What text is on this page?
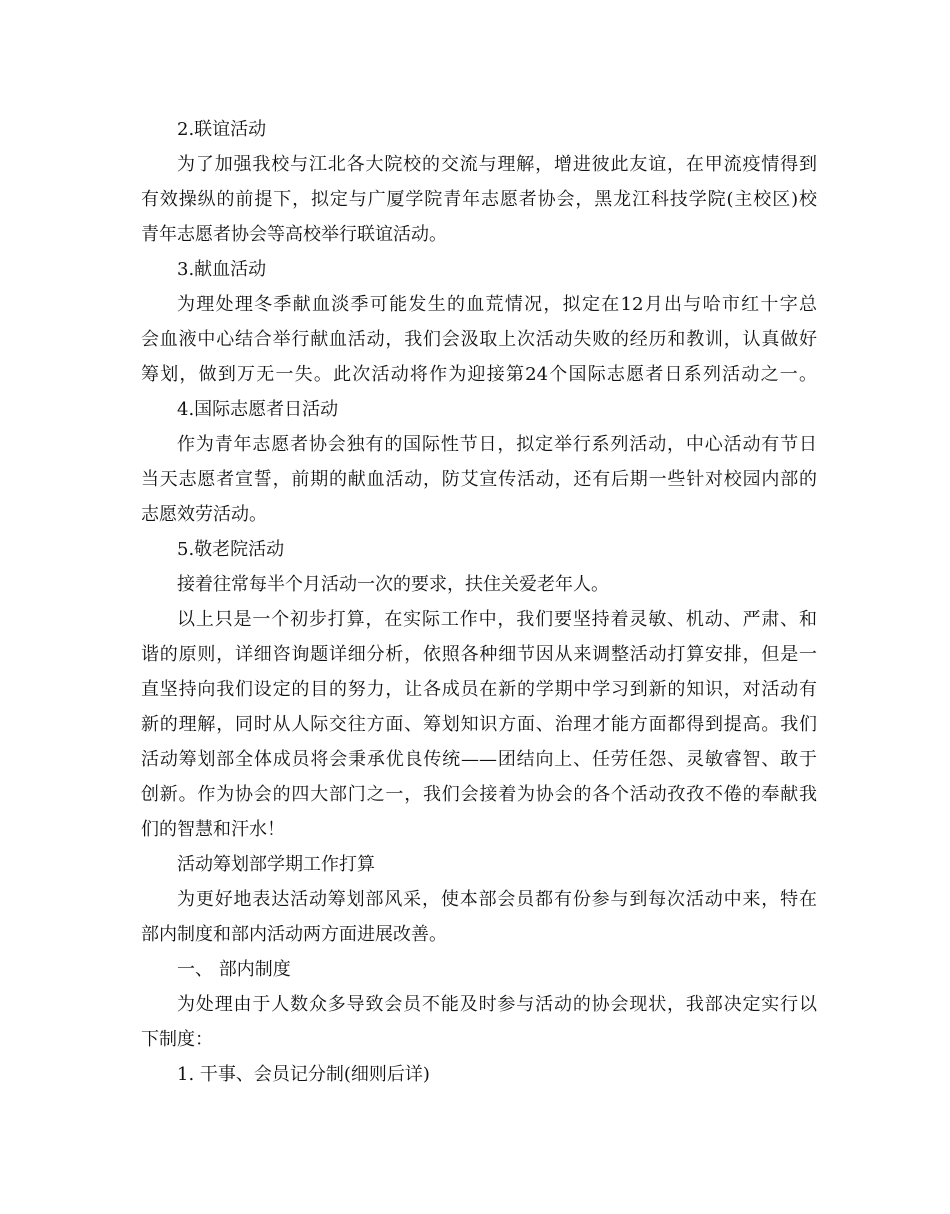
2.联谊活动
为了加强我校与江北各大院校的交流与理解，增进彼此友谊，在甲流疫情得到
有效操纵的前提下，拟定与广厦学院青年志愿者协会，黑龙江科技学院(主校区)校
青年志愿者协会等高校举行联谊活动。
3.献血活动
为理处理冬季献血淡季可能发生的血荒情况，拟定在12月出与哈市红十字总
会血液中心结合举行献血活动，我们会汲取上次活动失败的经历和教训，认真做好
筹划，做到万无一失。此次活动将作为迎接第24个国际志愿者日系列活动之一。
4.国际志愿者日活动
作为青年志愿者协会独有的国际性节日，拟定举行系列活动，中心活动有节日
当天志愿者宣誓，前期的献血活动，防艾宣传活动，还有后期一些针对校园内部的
志愿效劳活动。
5.敬老院活动
接着往常每半个月活动一次的要求，扶住关爱老年人。
以上只是一个初步打算，在实际工作中，我们要坚持着灵敏、机动、严肃、和
谐的原则，详细咨询题详细分析，依照各种细节因从来调整活动打算安排，但是一
直坚持向我们设定的目的努力，让各成员在新的学期中学习到新的知识，对活动有
新的理解，同时从人际交往方面、筹划知识方面、治理才能方面都得到提高。我们
活动筹划部全体成员将会秉承优良传统——团结向上、任劳任怨、灵敏睿智、敢于
创新。作为协会的四大部门之一，我们会接着为协会的各个活动孜孜不倦的奉献我
们的智慧和汗水！
活动筹划部学期工作打算
为更好地表达活动筹划部风采，使本部会员都有份参与到每次活动中来，特在
部内制度和部内活动两方面进展改善。
一、 部内制度
为处理由于人数众多导致会员不能及时参与活动的协会现状，我部决定实行以
下制度：
1. 干事、会员记分制(细则后详)
